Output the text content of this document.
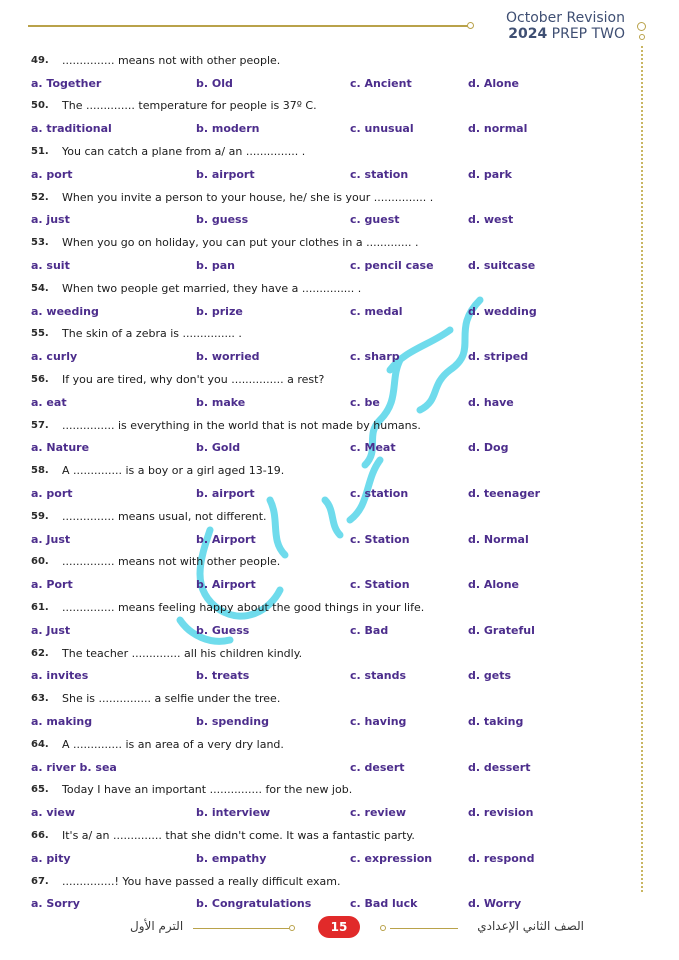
October Revision
2024 PREP TWO
49.	............... means not with other people.
a. Together	b. Old	c. Ancient	d. Alone
50.	The .............. temperature for people is 37º C.
a. traditional	b. modern	c. unusual	d. normal
51.	You can catch a plane from a/ an ............... .
a. port	b. airport	c. station	d. park
52.	When you invite a person to your house, he/ she is your ............... .
a. just	b. guess	c. guest	d. west
53.	When you go on holiday, you can put your clothes in a ............. .
a. suit	b. pan	c. pencil case	d. suitcase
54.	When two people get married, they have a ............... .
a. weeding	b. prize	c. medal	d. wedding
55.	The skin of a zebra is ............... .
a. curly	b. worried	c. sharp	d. striped
56.	If you are tired, why don't you ............... a rest?
a. eat	b. make	c. be	d. have
57.	............... is everything in the world that is not made by humans.
a. Nature	b. Gold	c. Meat	d. Dog
58.	A .............. is a boy or a girl aged 13-19.
a. port	b. airport	c. station	d. teenager
59.	............... means usual, not different.
a. Just	b. Airport	c. Station	d. Normal
60.	............... means not with other people.
a. Port	b. Airport	c. Station	d. Alone
61.	............... means feeling happy about the good things in your life.
a. Just	b. Guess	c. Bad	d. Grateful
62.	The teacher .............. all his children kindly.
a. invites	b. treats	c. stands	d. gets
63.	She is ............... a selfie under the tree.
a. making	b. spending	c. having	d. taking
64.	A .............. is an area of a very dry land.
a. river b. sea	c. desert	d. dessert
65.	Today I have an important ............... for the new job.
a. view	b. interview	c. review	d. revision
66.	It's a/ an .............. that she didn't come. It was a fantastic party.
a. pity	b. empathy	c. expression	d. respond
67.	...............! You have passed a really difficult exam.
a. Sorry	b. Congratulations	c. Bad luck	d. Worry
الترم الأول	15	الصف الثاني الإعدادي
